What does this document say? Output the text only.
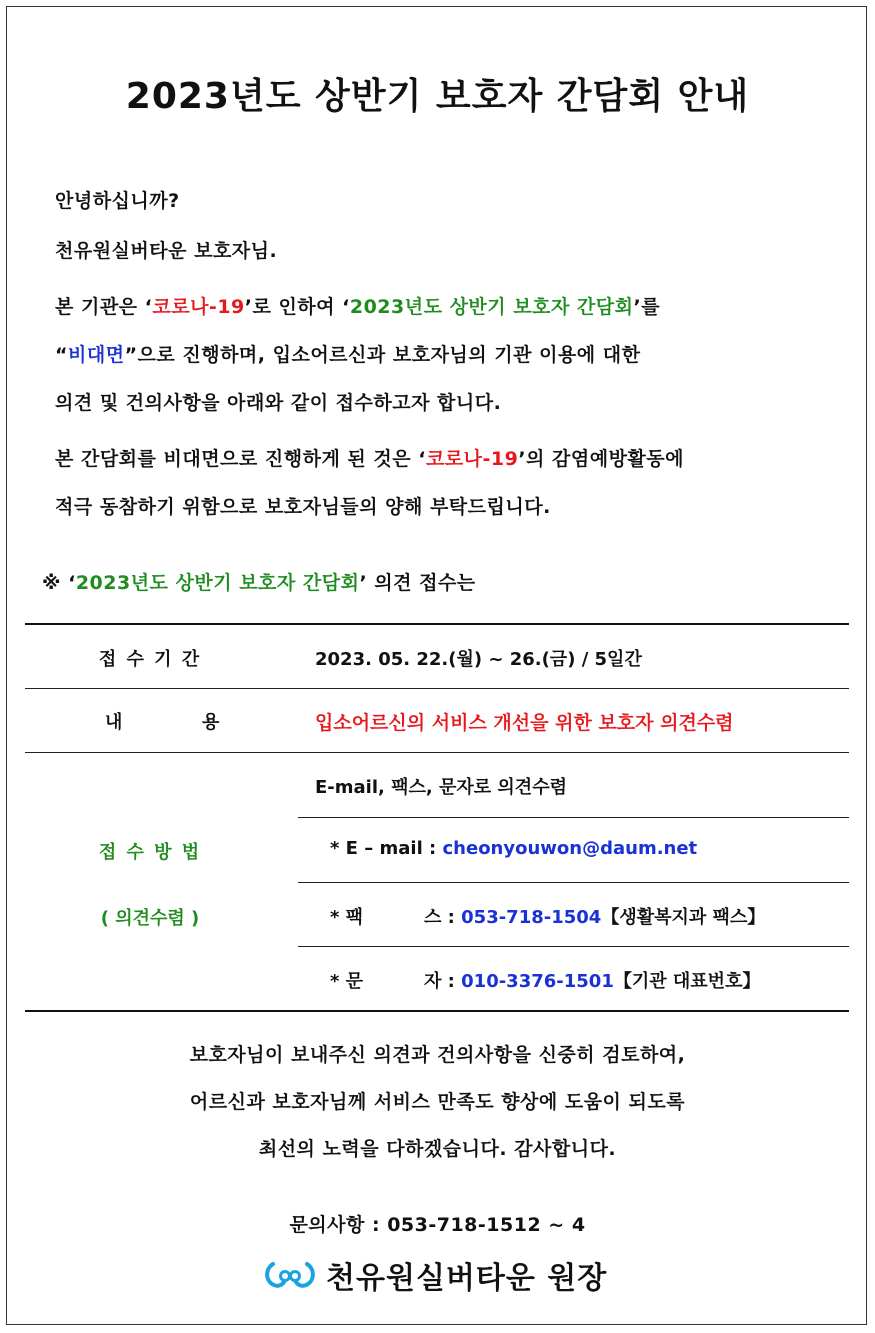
2023년도 상반기 보호자 간담회 안내
안녕하십니까?
천유원실버타운 보호자님.
본 기관은 ‘코로나-19’로 인하여 ‘2023년도 상반기 보호자 간담회’를
“비대면”으로 진행하며, 입소어르신과 보호자님의 기관 이용에 대한
의견 및 건의사항을 아래와 같이 접수하고자 합니다.
본 간담회를 비대면으로 진행하게 된 것은 ‘코로나-19’의 감염예방활동에
적극 동참하기 위함으로 보호자님들의 양해 부탁드립니다.
※ ‘2023년도 상반기 보호자 간담회’ 의견 접수는
접 수 기 간	2023. 05. 22.(월) ~ 26.(금) / 5일간
내	용	입소어르신의 서비스 개선을 위한 보호자 의견수렴
접 수 방 법
( 의견수렴 )
E-mail, 팩스, 문자로 의견수렴
* E – mail : cheonyouwon@daum.net
* 팩	스 : 053-718-1504【생활복지과 팩스】
* 문	자 : 010-3376-1501【기관 대표번호】
보호자님이 보내주신 의견과 건의사항을 신중히 검토하여,
어르신과 보호자님께 서비스 만족도 향상에 도움이 되도록
최선의 노력을 다하겠습니다. 감사합니다.
문의사항 : 053-718-1512 ~ 4
천유원실버타운 원장
